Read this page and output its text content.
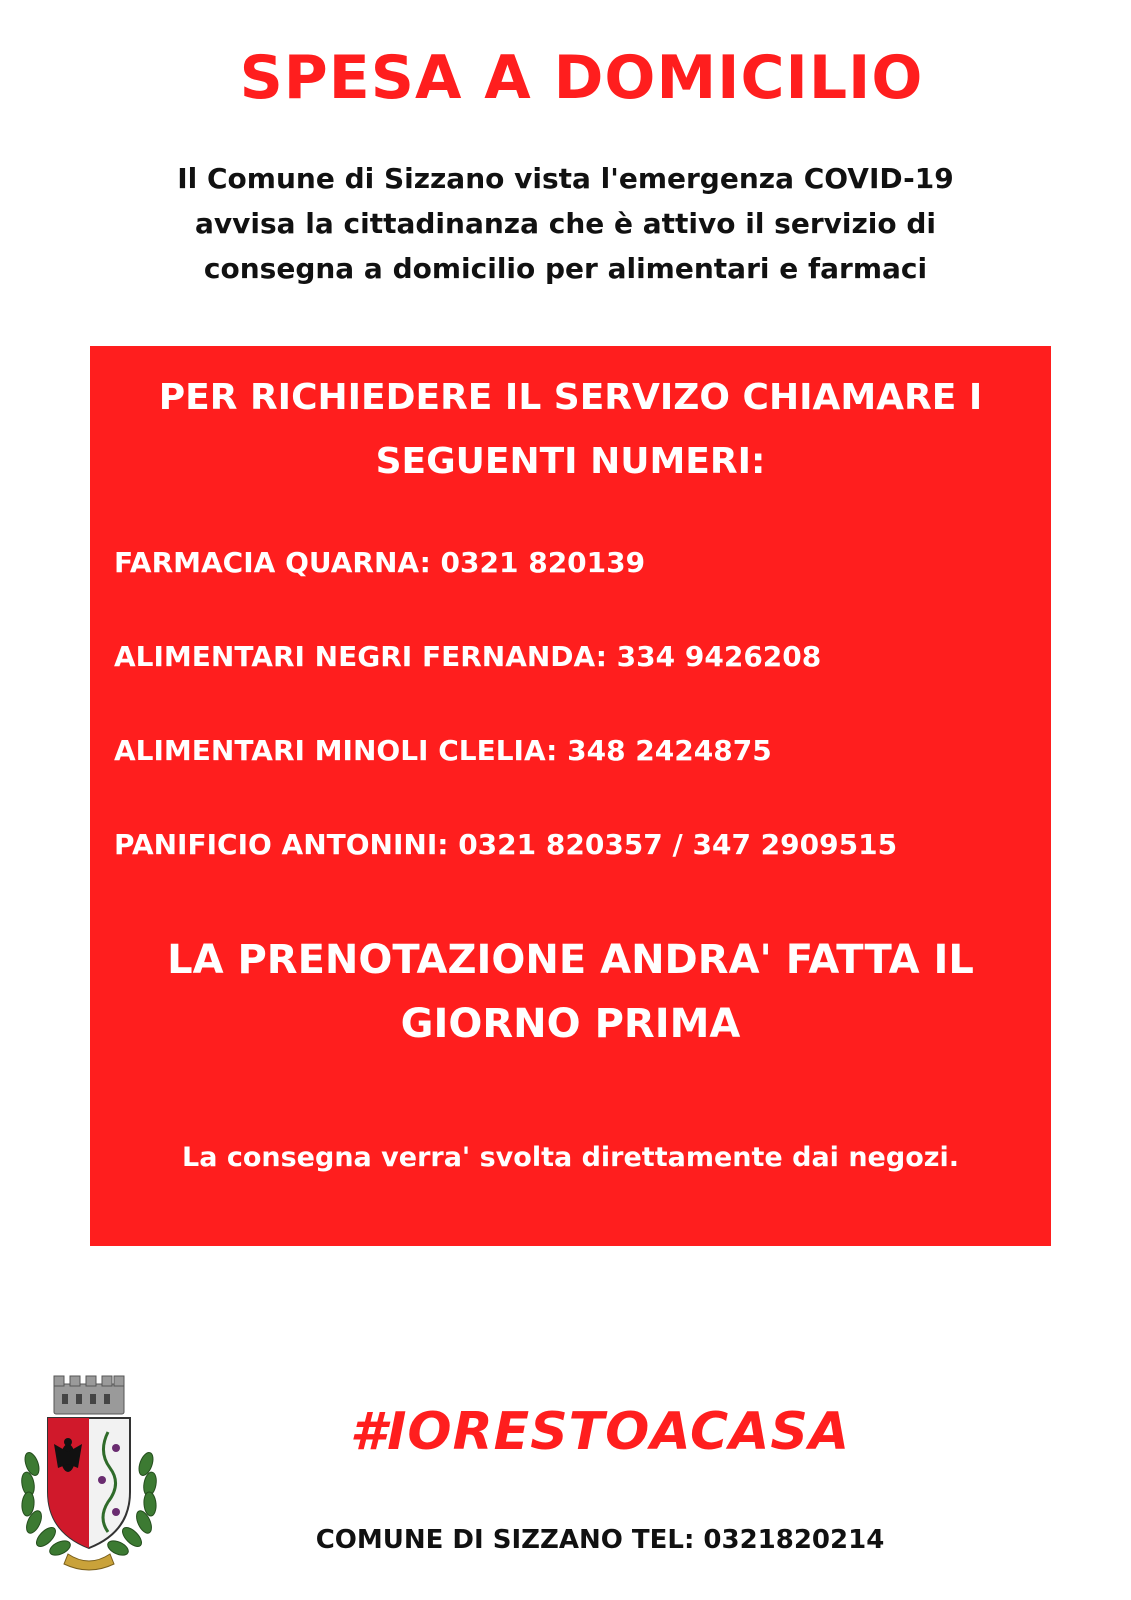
SPESA A DOMICILIO
Il Comune di Sizzano vista l'emergenza COVID-19
avvisa la cittadinanza che è attivo il servizio di
consegna a domicilio per alimentari e farmaci
PER RICHIEDERE IL SERVIZO CHIAMARE I
SEGUENTI NUMERI:
FARMACIA QUARNA: 0321 820139
ALIMENTARI NEGRI FERNANDA: 334 9426208
ALIMENTARI MINOLI CLELIA: 348 2424875
PANIFICIO ANTONINI: 0321 820357 / 347 2909515
LA PRENOTAZIONE ANDRA' FATTA IL
GIORNO PRIMA
La consegna verra' svolta direttamente dai negozi.
#IORESTOACASA
COMUNE DI SIZZANO TEL: 0321820214
